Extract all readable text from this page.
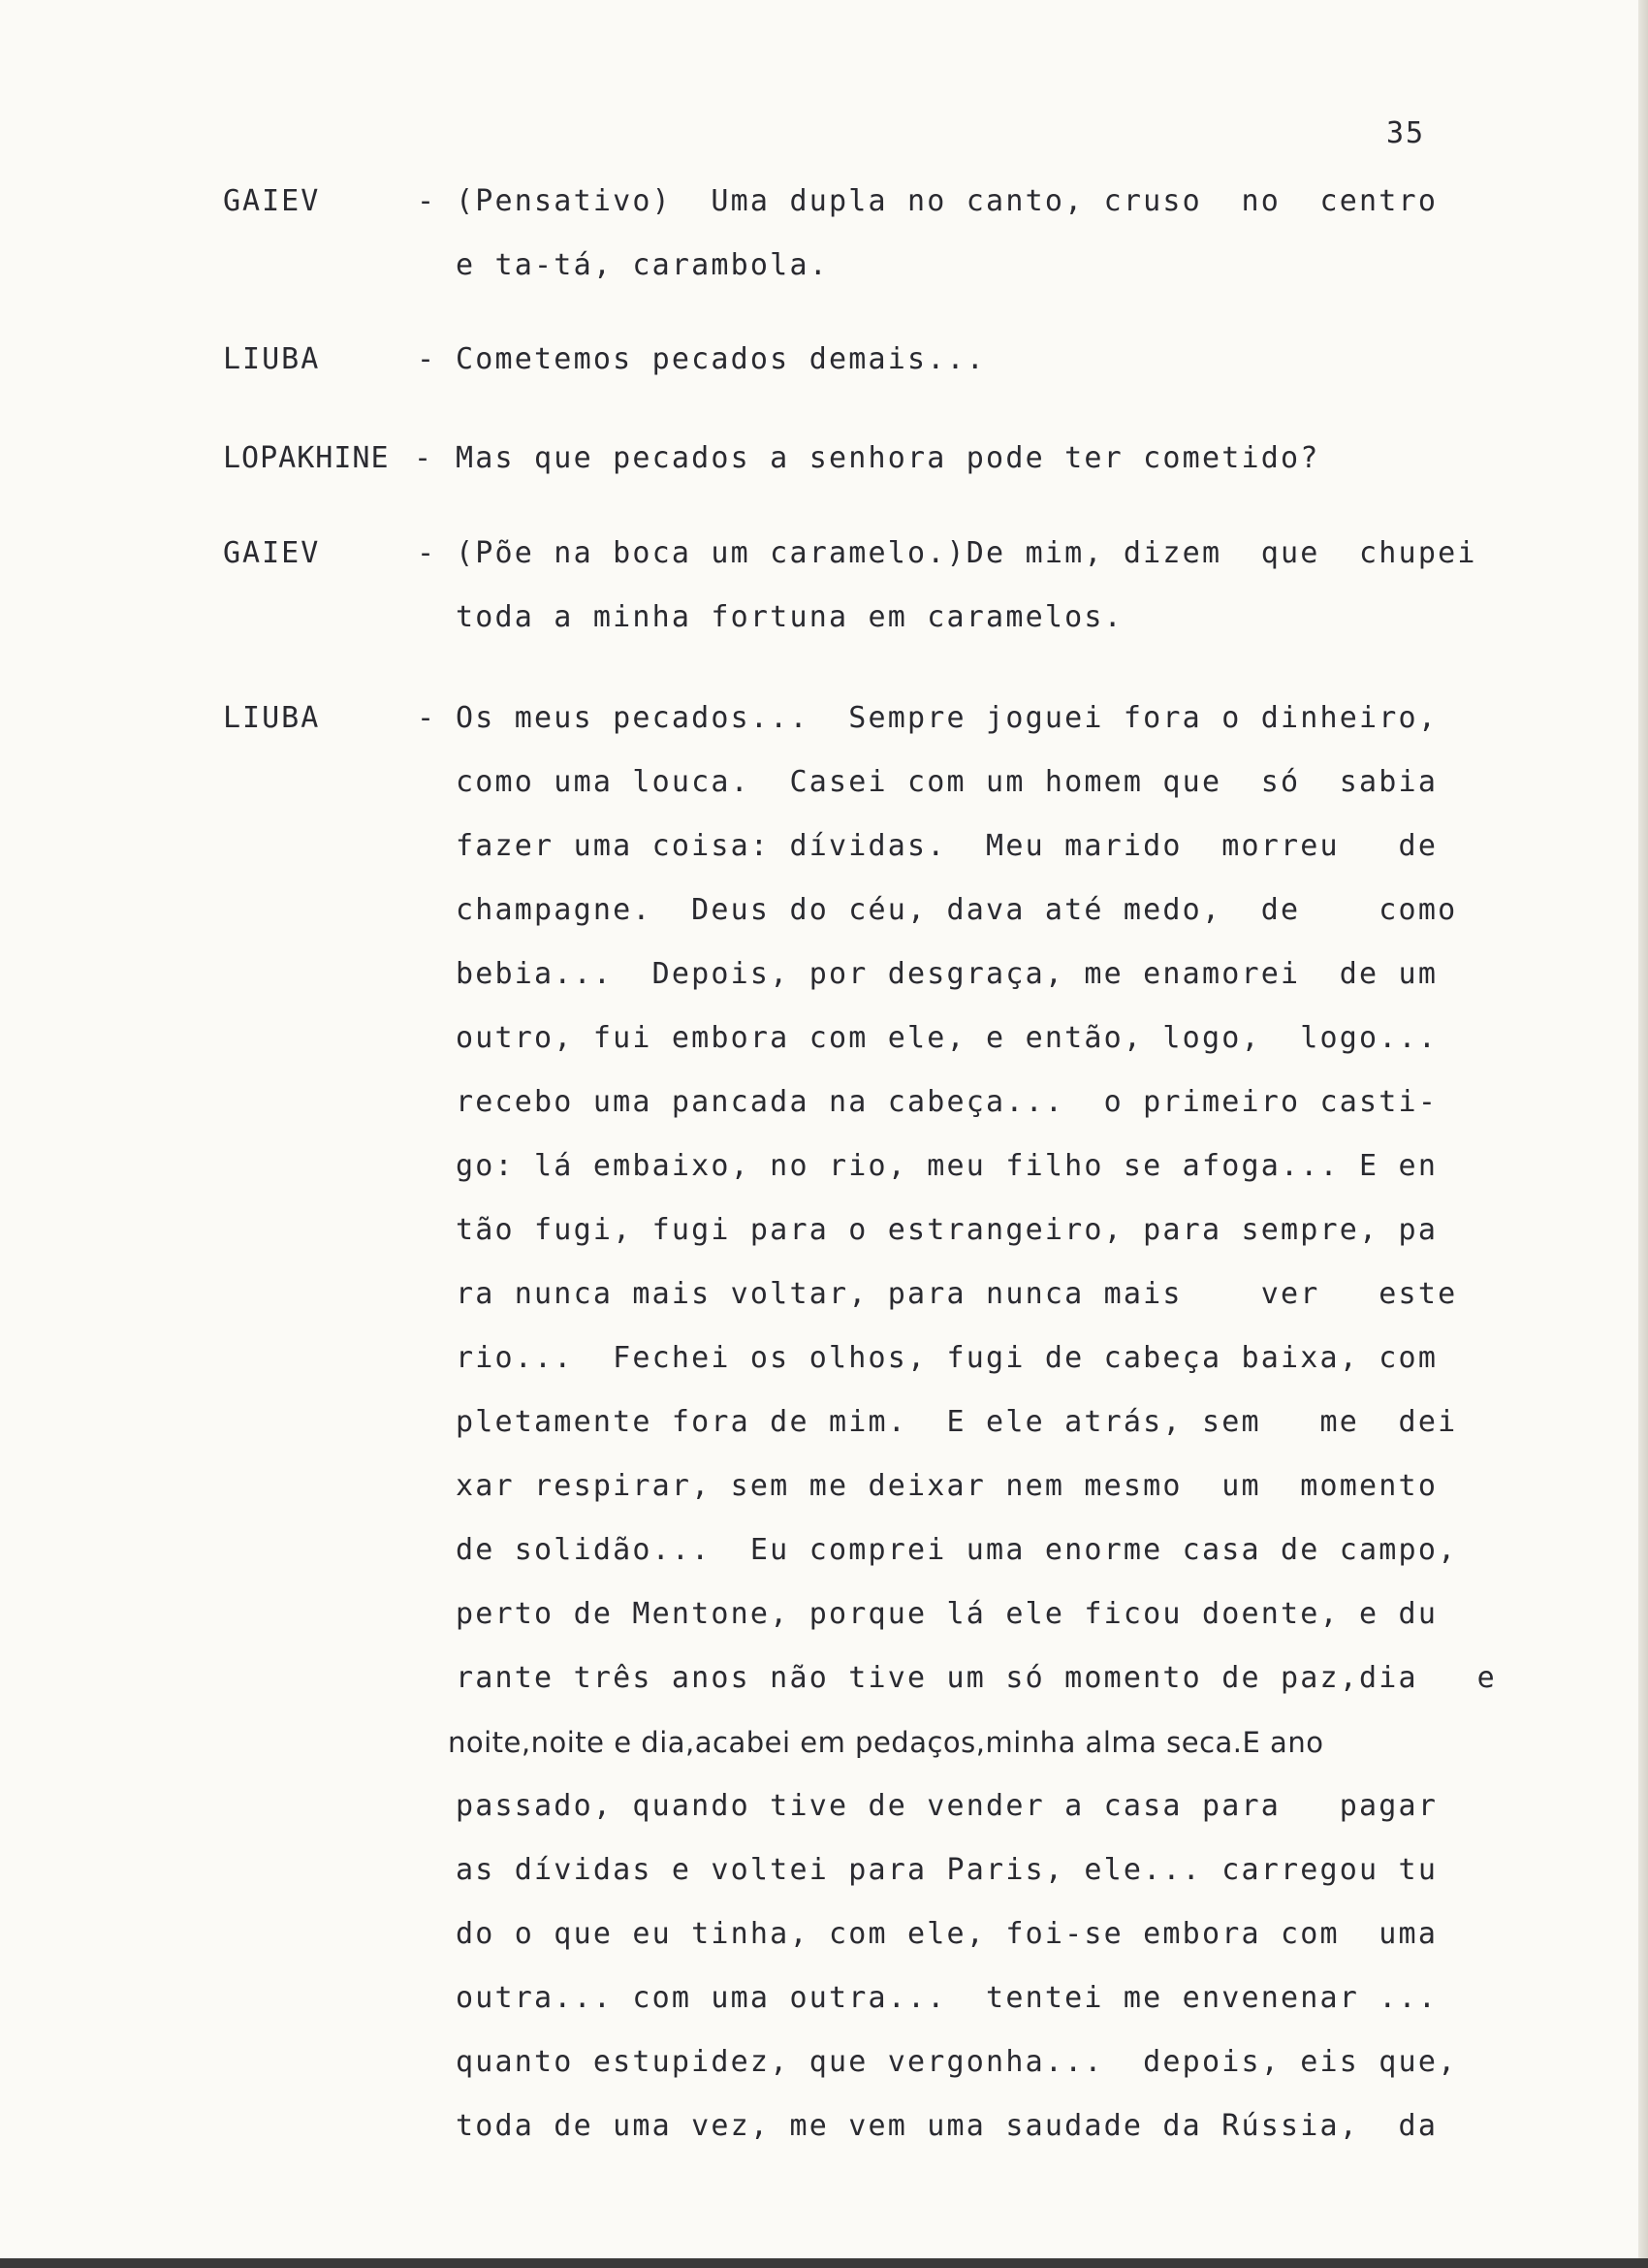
35
GAIEV	- (Pensativo)  Uma dupla no canto, cruso  no  centro
e ta-tá, carambola.
LIUBA	- Cometemos pecados demais...
LOPAKHINE - Mas que pecados a senhora pode ter cometido?
GAIEV	- (Põe na boca um caramelo.)De mim, dizem  que  chupei
toda a minha fortuna em caramelos.
LIUBA	- Os meus pecados...  Sempre joguei fora o dinheiro,
como uma louca.  Casei com um homem que  só  sabia
fazer uma coisa: dívidas.  Meu marido  morreu   de
champagne.  Deus do céu, dava até medo,  de    como
bebia...  Depois, por desgraça, me enamorei  de um
outro, fui embora com ele, e então, logo,  logo...
recebo uma pancada na cabeça...  o primeiro casti-
go: lá embaixo, no rio, meu filho se afoga... E en
tão fugi, fugi para o estrangeiro, para sempre, pa
ra nunca mais voltar, para nunca mais    ver   este
rio...  Fechei os olhos, fugi de cabeça baixa, com
pletamente fora de mim.  E ele atrás, sem   me  dei
xar respirar, sem me deixar nem mesmo  um  momento
de solidão...  Eu comprei uma enorme casa de campo,
perto de Mentone, porque lá ele ficou doente, e du
rante três anos não tive um só momento de paz,dia   e
noite,noite e dia,acabei em pedaços,minha alma seca.E ano
passado, quando tive de vender a casa para   pagar
as dívidas e voltei para Paris, ele... carregou tu
do o que eu tinha, com ele, foi-se embora com  uma
outra... com uma outra...  tentei me envenenar ...
quanto estupidez, que vergonha...  depois, eis que,
toda de uma vez, me vem uma saudade da Rússia,  da
